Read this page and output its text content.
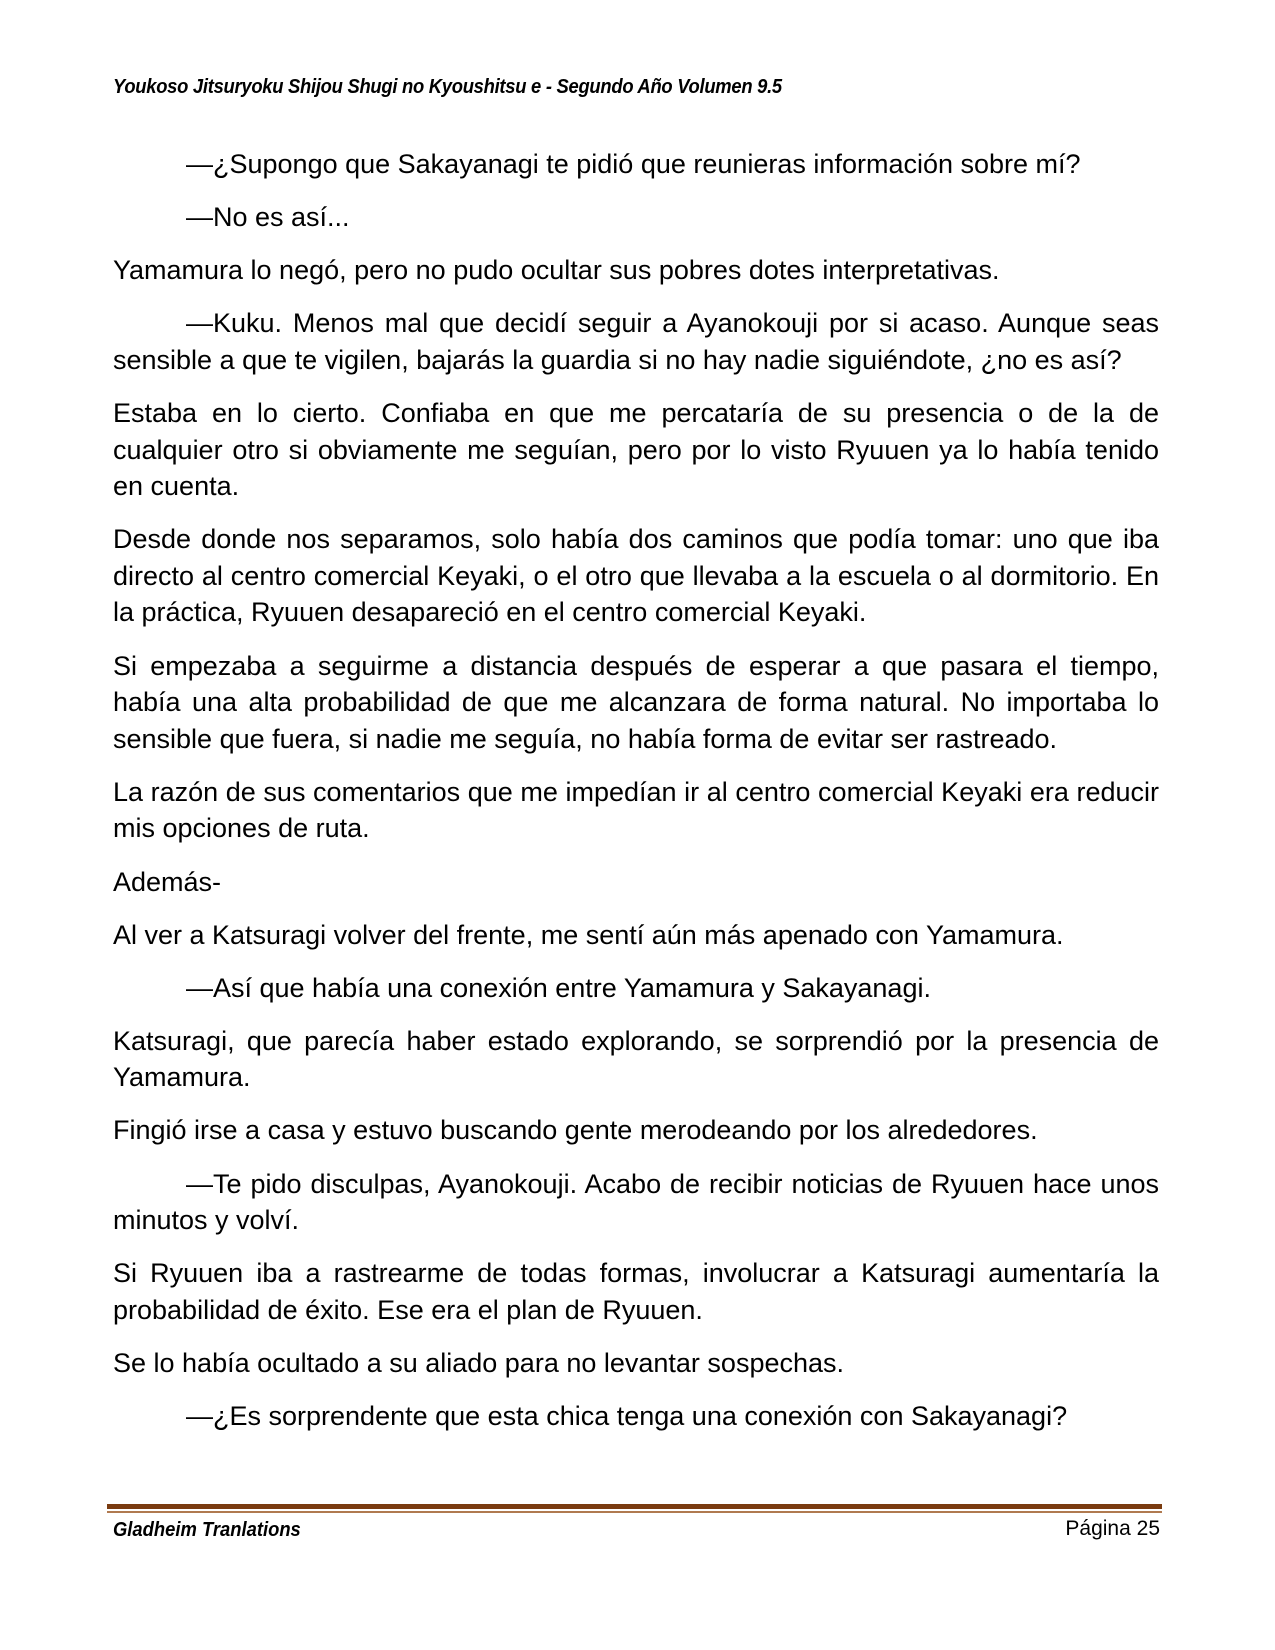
Youkoso Jitsuryoku Shijou Shugi no Kyoushitsu e - Segundo Año Volumen 9.5

—¿Supongo que Sakayanagi te pidió que reunieras información sobre mí?

—No es así...

Yamamura lo negó, pero no pudo ocultar sus pobres dotes interpretativas.

—Kuku. Menos mal que decidí seguir a Ayanokouji por si acaso. Aunque seas sensible a que te vigilen, bajarás la guardia si no hay nadie siguiéndote, ¿no es así?

Estaba en lo cierto. Confiaba en que me percataría de su presencia o de la de cualquier otro si obviamente me seguían, pero por lo visto Ryuuen ya lo había tenido en cuenta.

Desde donde nos separamos, solo había dos caminos que podía tomar: uno que iba directo al centro comercial Keyaki, o el otro que llevaba a la escuela o al dormitorio. En la práctica, Ryuuen desapareció en el centro comercial Keyaki.

Si empezaba a seguirme a distancia después de esperar a que pasara el tiempo, había una alta probabilidad de que me alcanzara de forma natural. No importaba lo sensible que fuera, si nadie me seguía, no había forma de evitar ser rastreado.

La razón de sus comentarios que me impedían ir al centro comercial Keyaki era reducir mis opciones de ruta.

Además-

Al ver a Katsuragi volver del frente, me sentí aún más apenado con Yamamura.

—Así que había una conexión entre Yamamura y Sakayanagi.

Katsuragi, que parecía haber estado explorando, se sorprendió por la presencia de Yamamura.

Fingió irse a casa y estuvo buscando gente merodeando por los alrededores.

—Te pido disculpas, Ayanokouji. Acabo de recibir noticias de Ryuuen hace unos minutos y volví.

Si Ryuuen iba a rastrearme de todas formas, involucrar a Katsuragi aumentaría la probabilidad de éxito. Ese era el plan de Ryuuen.

Se lo había ocultado a su aliado para no levantar sospechas.

—¿Es sorprendente que esta chica tenga una conexión con Sakayanagi?

Gladheim Tranlations	Página 25
